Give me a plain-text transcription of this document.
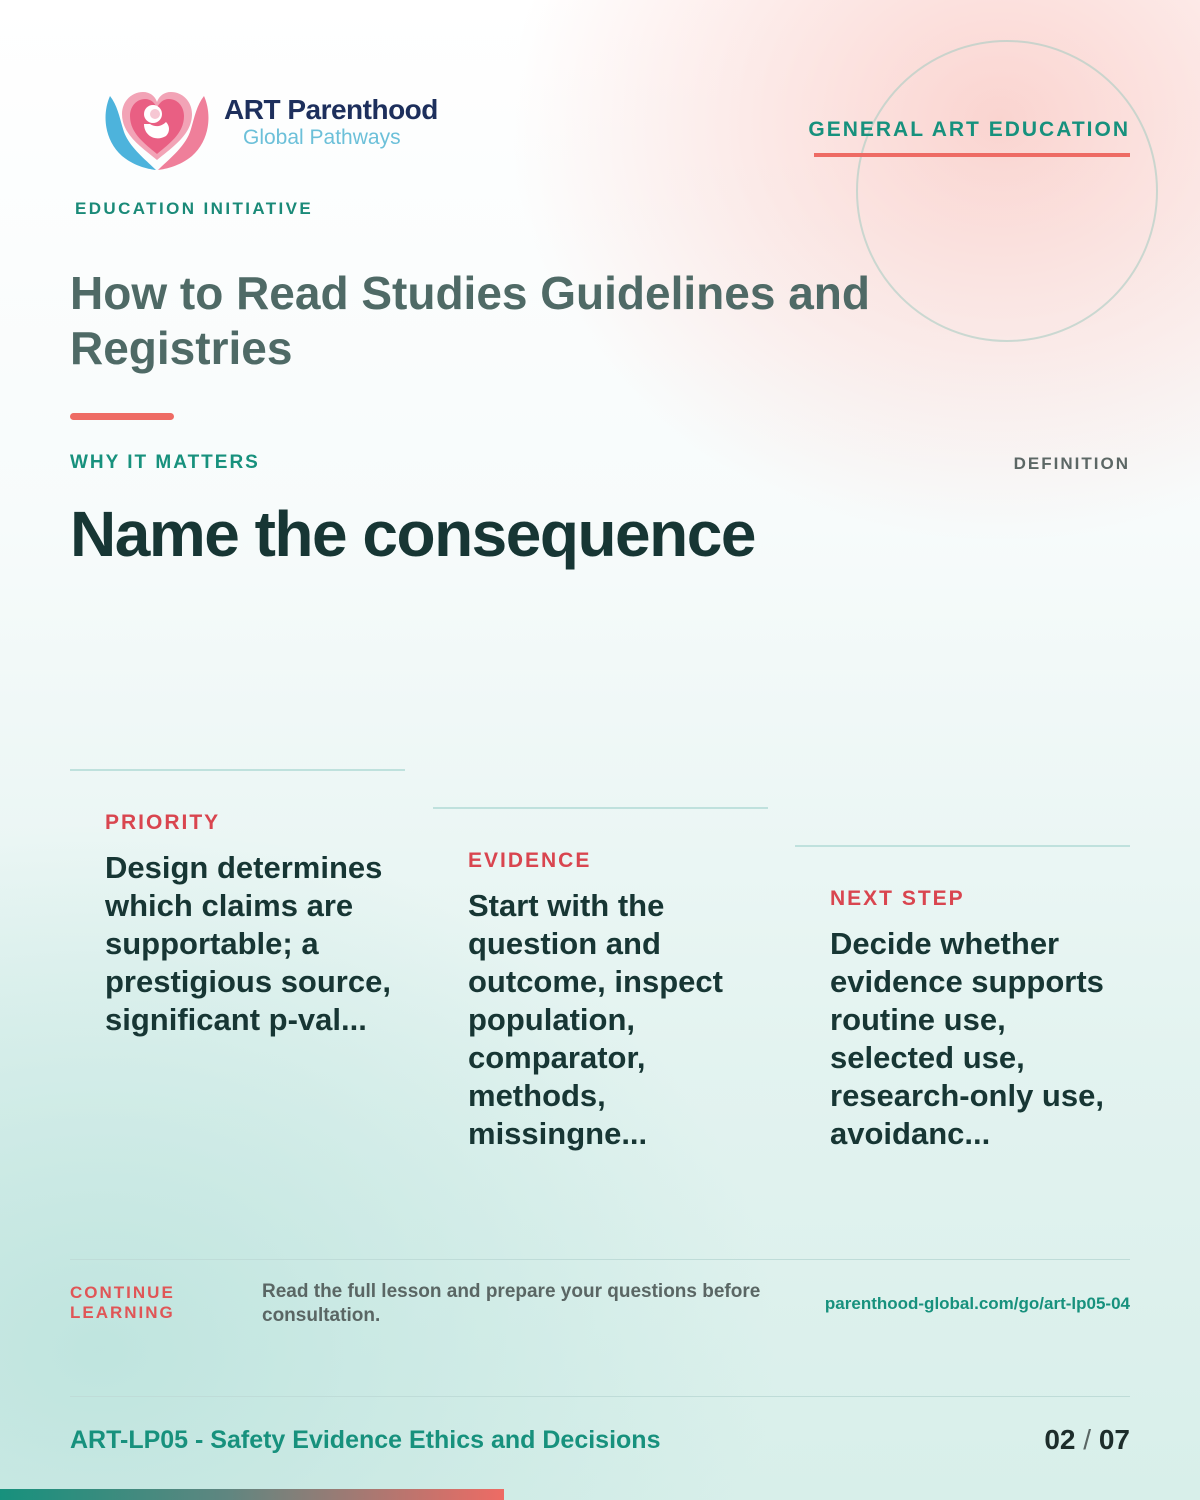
ART Parenthood
Global Pathways
EDUCATION INITIATIVE
GENERAL ART EDUCATION
How to Read Studies Guidelines and Registries
WHY IT MATTERS	DEFINITION
Name the consequence
PRIORITY
Design determines which claims are supportable; a prestigious source, significant p-val...
EVIDENCE
Start with the question and outcome, inspect population, comparator, methods, missingne...
NEXT STEP
Decide whether evidence supports routine use, selected use, research-only use, avoidanc...
CONTINUE LEARNING
Read the full lesson and prepare your questions before consultation.
parenthood-global.com/go/art-lp05-04
ART-LP05 - Safety Evidence Ethics and Decisions	02 / 07
